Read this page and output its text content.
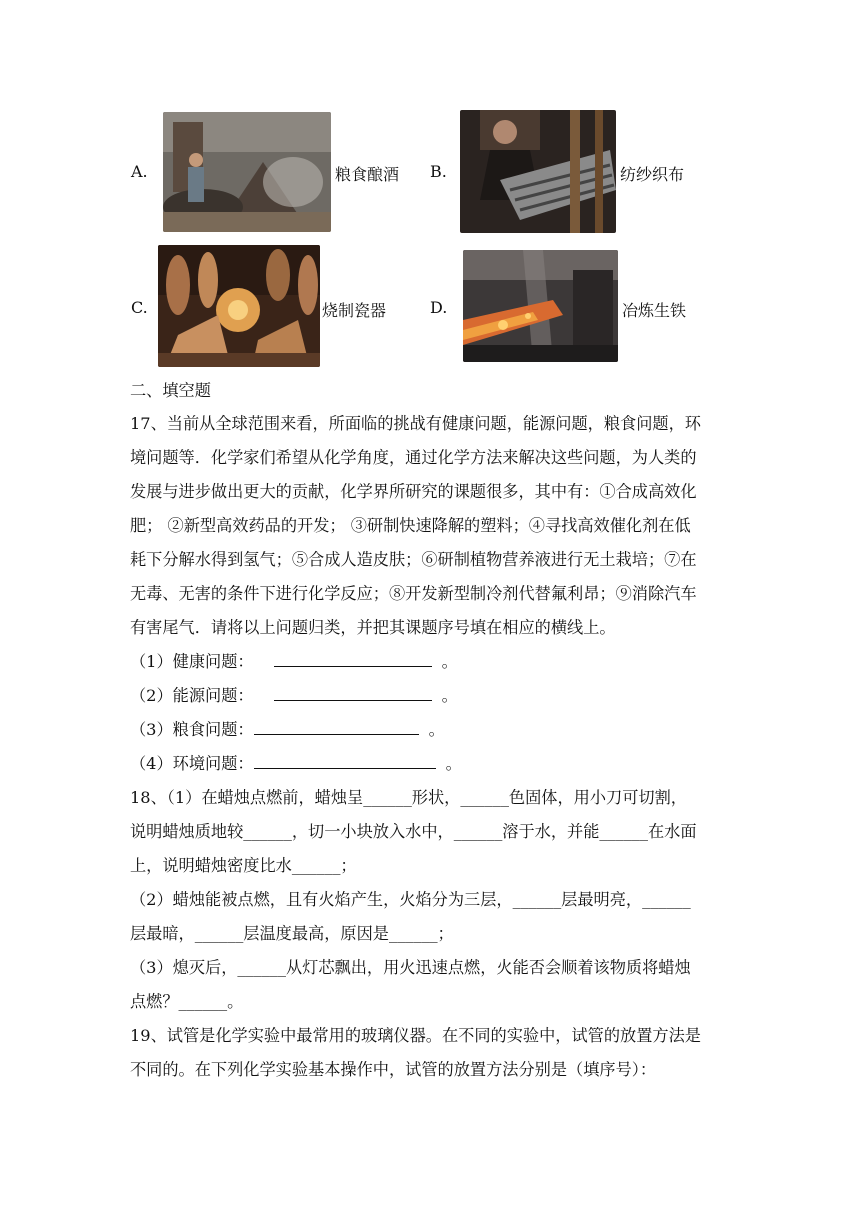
A.	粮食酿酒 B.	纺纱织布
C.	烧制瓷器	D.	冶炼生铁
二、填空题
17、当前从全球范围来看，所面临的挑战有健康问题，能源问题，粮食问题，环
境问题等．化学家们希望从化学角度，通过化学方法来解决这些问题，为人类的
发展与进步做出更大的贡献，化学界所研究的课题很多，其中有：①合成高效化
肥； ②新型高效药品的开发； ③研制快速降解的塑料；④寻找高效催化剂在低
耗下分解水得到氢气；⑤合成人造皮肤；⑥研制植物营养液进行无土栽培；⑦在
无毒、无害的条件下进行化学反应；⑧开发新型制冷剂代替氟利昂；⑨消除汽车
有害尾气．请将以上问题归类，并把其课题序号填在相应的横线上。
（1）健康问题：	。
（2）能源问题：	。
（3）粮食问题：	。
（4）环境问题：	。
18、（1）在蜡烛点燃前，蜡烛呈______形状，______色固体，用小刀可切割，
说明蜡烛质地较______，切一小块放入水中，______溶于水，并能______在水面
上，说明蜡烛密度比水______；
（2）蜡烛能被点燃，且有火焰产生，火焰分为三层，______层最明亮，______
层最暗，______层温度最高，原因是______；
（3）熄灭后，______从灯芯飘出，用火迅速点燃，火能否会顺着该物质将蜡烛
点燃？______。
19、试管是化学实验中最常用的玻璃仪器。在不同的实验中，试管的放置方法是
不同的。在下列化学实验基本操作中，试管的放置方法分别是（填序号）：
